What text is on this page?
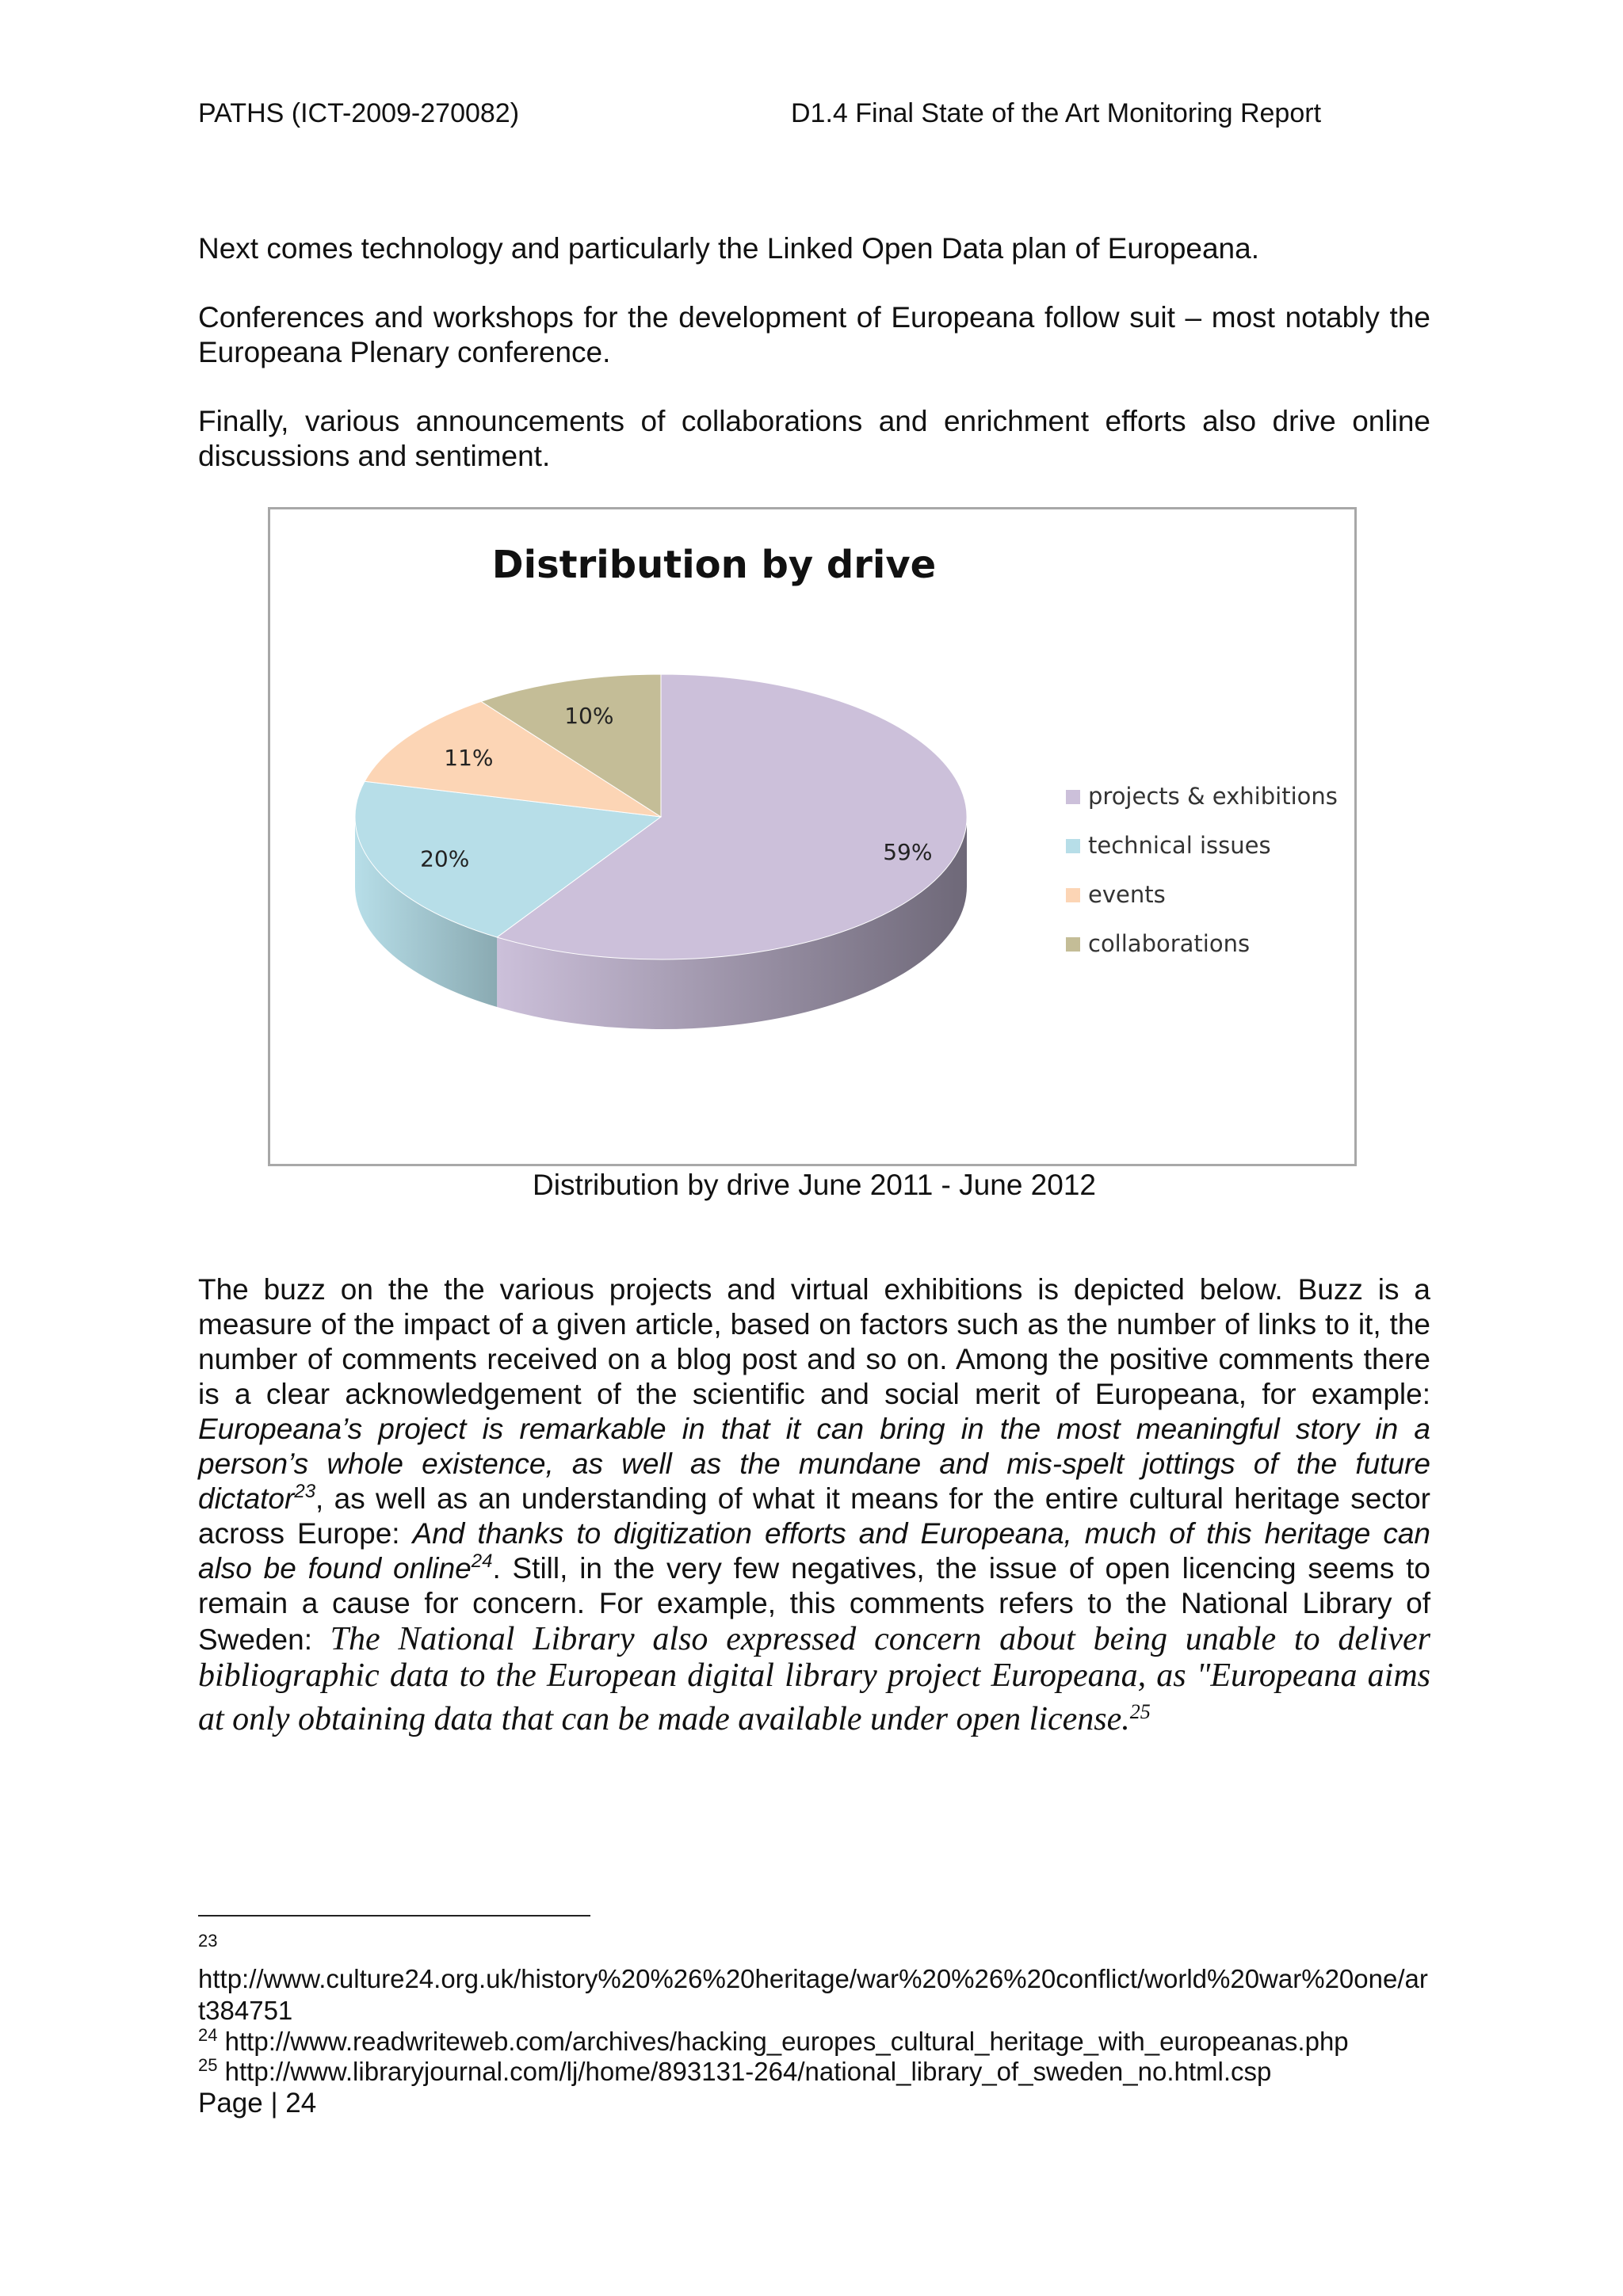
PATHS (ICT-2009-270082)	D1.4 Final State of the Art Monitoring Report
Next comes technology and particularly the Linked Open Data plan of Europeana.
Conferences and workshops for the development of Europeana follow suit – most notably the Europeana Plenary conference.
Finally, various announcements of collaborations and enrichment efforts also drive online discussions and sentiment.
Distribution by drive
59%
20%
11%
10%
projects & exhibitions
technical issues
events
collaborations
Distribution by drive June 2011 - June 2012
The buzz on the the various projects and virtual exhibitions is depicted below. Buzz is a measure of the impact of a given article, based on factors such as the number of links to it, the number of comments received on a blog post and so on. Among the positive comments there is a clear acknowledgement of the scientific and social merit of Europeana, for example: Europeana’s project is remarkable in that it can bring in the most meaningful story in a person’s whole existence, as well as the mundane and mis-spelt jottings of the future dictator$^{23}$, as well as an understanding of what it means for the entire cultural heritage sector across Europe: And thanks to digitization efforts and Europeana, much of this heritage can also be found online$^{24}$. Still, in the very few negatives, the issue of open licencing seems to remain a cause for concern. For example, this comments refers to the National Library of Sweden: The National Library also expressed concern about being unable to deliver bibliographic data to the European digital library project Europeana, as "Europeana aims at only obtaining data that can be made available under open license.$^{25}$
23
http://www.culture24.org.uk/history%20%26%20heritage/war%20%26%20conflict/world%20war%20one/art384751
$^{24}$ http://www.readwriteweb.com/archives/hacking_europes_cultural_heritage_with_europeanas.php
$^{25}$ http://www.libraryjournal.com/lj/home/893131-264/national_library_of_sweden_no.html.csp
Page | 24
